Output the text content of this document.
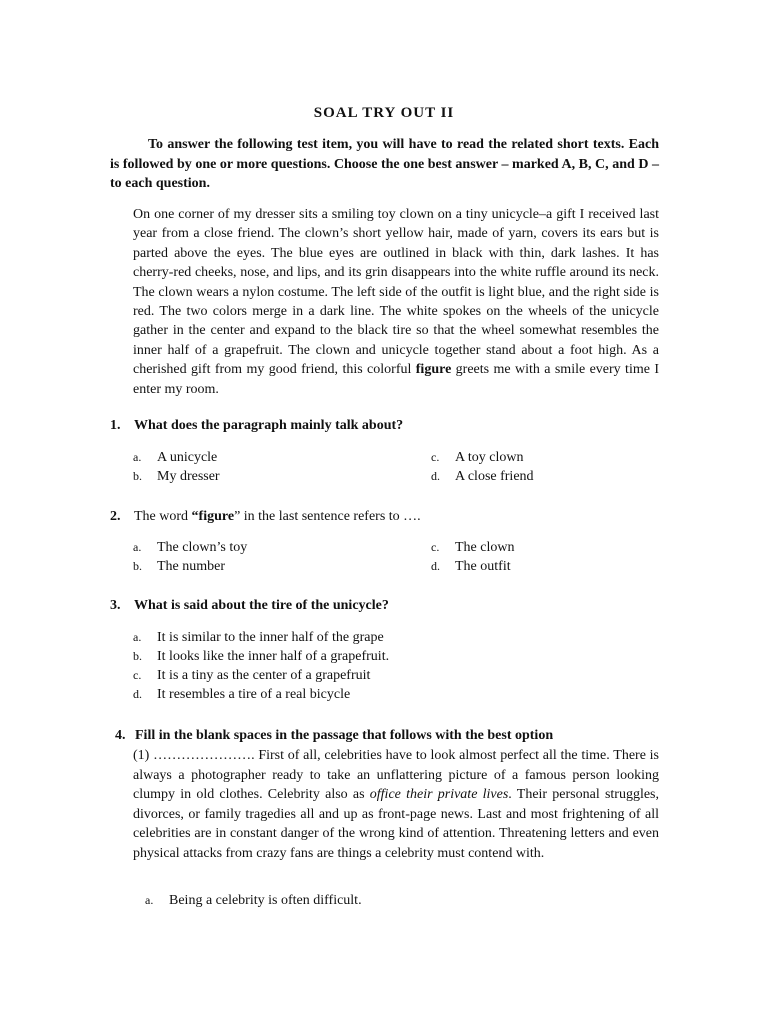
SOAL TRY OUT II
To answer the following test item, you will have to read the related short texts. Each is followed by one or more questions. Choose the one best answer – marked A, B, C, and D – to each question.
On one corner of my dresser sits a smiling toy clown on a tiny unicycle–a gift I received last year from a close friend. The clown’s short yellow hair, made of yarn, covers its ears but is parted above the eyes. The blue eyes are outlined in black with thin, dark lashes. It has cherry-red cheeks, nose, and lips, and its grin disappears into the white ruffle around its neck. The clown wears a nylon costume. The left side of the outfit is light blue, and the right side is red. The two colors merge in a dark line. The white spokes on the wheels of the unicycle gather in the center and expand to the black tire so that the wheel somewhat resembles the inner half of a grapefruit. The clown and unicycle together stand about a foot high. As a cherished gift from my good friend, this colorful figure greets me with a smile every time I enter my room.
1. What does the paragraph mainly talk about?
a. A unicycle
b. My dresser
c. A toy clown
d. A close friend
2. The word “figure” in the last sentence refers to ….
a. The clown’s toy
b. The number
c. The clown
d. The outfit
3. What is said about the tire of the unicycle?
a. It is similar to the inner half of the grape
b. It looks like the inner half of a grapefruit.
c. It is a tiny as the center of a grapefruit
d. It resembles a tire of a real bicycle
4. Fill in the blank spaces in the passage that follows with the best option
(1) …………………. First of all, celebrities have to look almost perfect all the time. There is always a photographer ready to take an unflattering picture of a famous person looking clumpy in old clothes. Celebrity also as office their private lives. Their personal struggles, divorces, or family tragedies all and up as front-page news. Last and most frightening of all celebrities are in constant danger of the wrong kind of attention. Threatening letters and even physical attacks from crazy fans are things a celebrity must contend with.
a. Being a celebrity is often difficult.
